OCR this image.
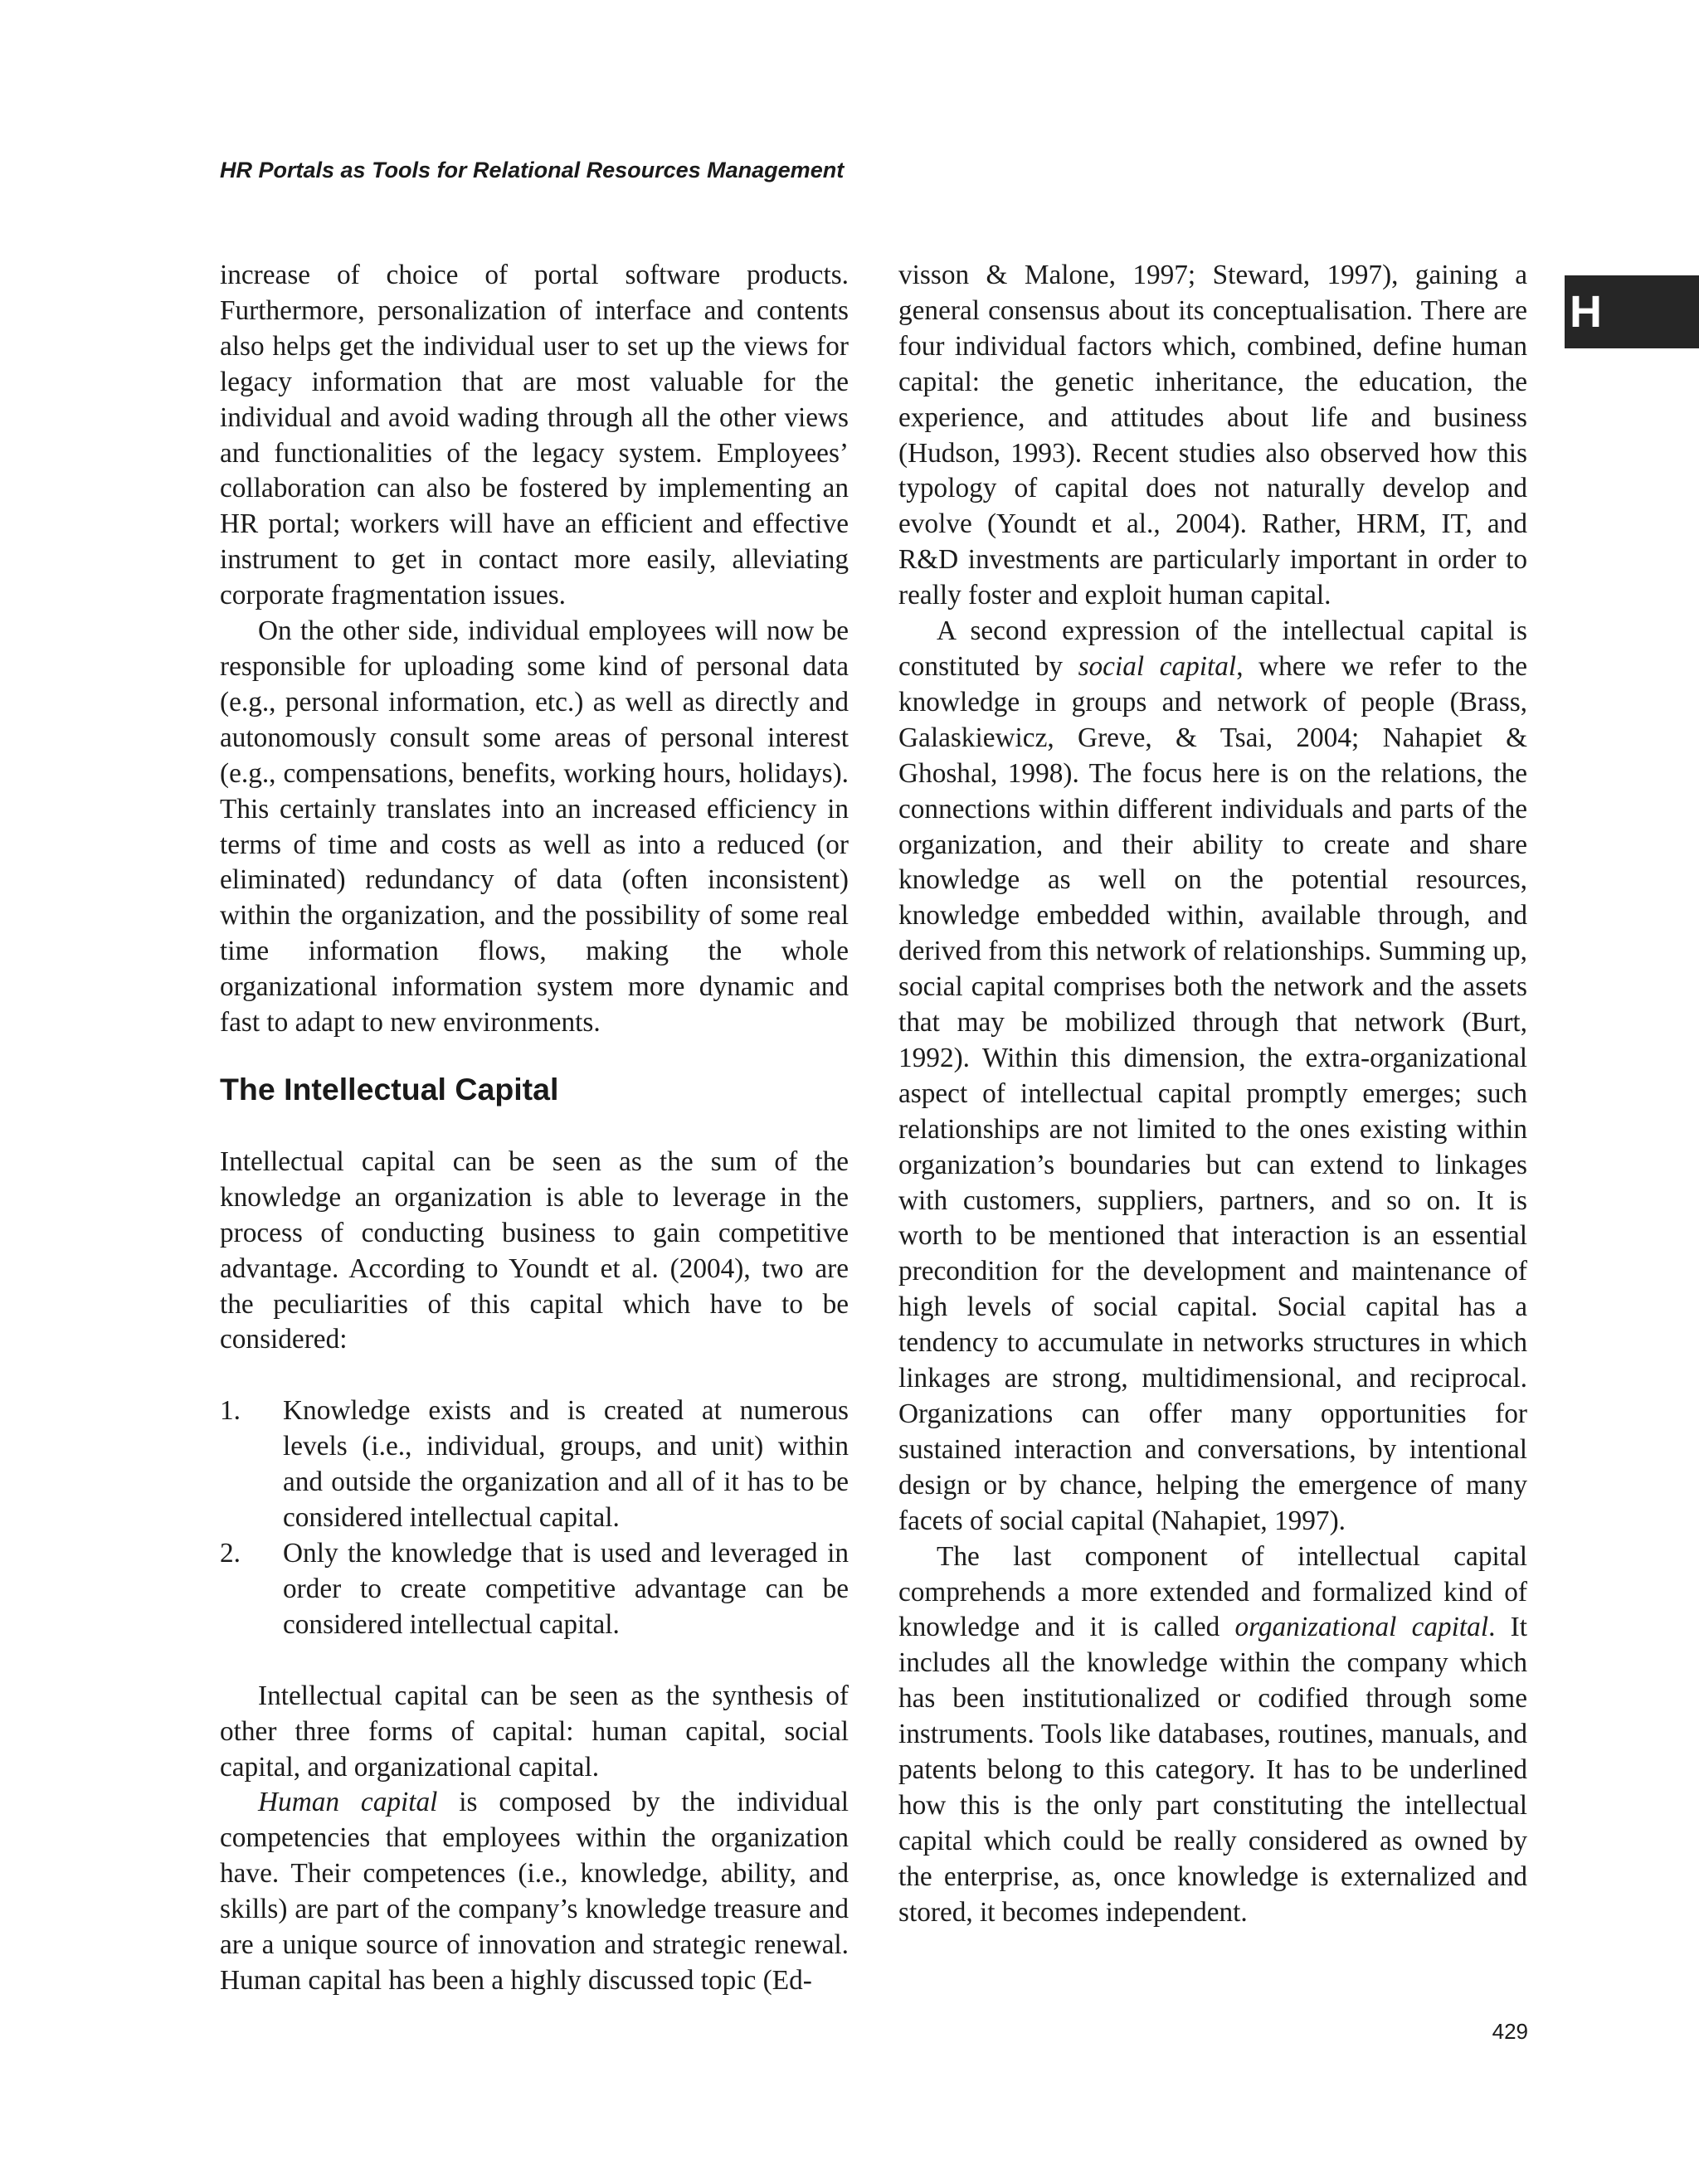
HR Portals as Tools for Relational Resources Management
H

increase of choice of portal software products. Furthermore, personalization of interface and contents also helps get the individual user to set up the views for legacy information that are most valuable for the individual and avoid wading through all the other views and functionalities of the legacy system. Employees’ collaboration can also be fostered by implementing an HR portal; workers will have an efficient and effective instrument to get in contact more easily, alleviating corporate fragmentation issues.

On the other side, individual employees will now be responsible for uploading some kind of personal data (e.g., personal information, etc.) as well as directly and autonomously consult some areas of personal interest (e.g., compensations, benefits, working hours, holidays). This certainly translates into an increased efficiency in terms of time and costs as well as into a reduced (or eliminated) redundancy of data (often inconsistent) within the organization, and the possibility of some real time information flows, making the whole organizational information system more dynamic and fast to adapt to new environments.

The Intellectual Capital

Intellectual capital can be seen as the sum of the knowledge an organization is able to leverage in the process of conducting business to gain competitive advantage. According to Youndt et al. (2004), two are the peculiarities of this capital which have to be considered:

1. Knowledge exists and is created at numerous levels (i.e., individual, groups, and unit) within and outside the organization and all of it has to be considered intellectual capital.
2. Only the knowledge that is used and leveraged in order to create competitive advantage can be considered intellectual capital.

Intellectual capital can be seen as the synthesis of other three forms of capital: human capital, social capital, and organizational capital.

Human capital is composed by the individual competencies that employees within the organization have. Their competences (i.e., knowledge, ability, and skills) are part of the company’s knowledge treasure and are a unique source of innovation and strategic renewal. Human capital has been a highly discussed topic (Ed-

visson & Malone, 1997; Steward, 1997), gaining a general consensus about its conceptualisation. There are four individual factors which, combined, define human capital: the genetic inheritance, the education, the experience, and attitudes about life and business (Hudson, 1993). Recent studies also observed how this typology of capital does not naturally develop and evolve (Youndt et al., 2004). Rather, HRM, IT, and R&D investments are particularly important in order to really foster and exploit human capital.

A second expression of the intellectual capital is constituted by social capital, where we refer to the knowledge in groups and network of people (Brass, Galaskiewicz, Greve, & Tsai, 2004; Nahapiet & Ghoshal, 1998). The focus here is on the relations, the connections within different individuals and parts of the organization, and their ability to create and share knowledge as well on the potential resources, knowledge embedded within, available through, and derived from this network of relationships. Summing up, social capital comprises both the network and the assets that may be mobilized through that network (Burt, 1992). Within this dimension, the extra-organizational aspect of intellectual capital promptly emerges; such relationships are not limited to the ones existing within organization’s boundaries but can extend to linkages with customers, suppliers, partners, and so on. It is worth to be mentioned that interaction is an essential precondition for the development and maintenance of high levels of social capital. Social capital has a tendency to accumulate in networks structures in which linkages are strong, multidimensional, and reciprocal. Organizations can offer many opportunities for sustained interaction and conversations, by intentional design or by chance, helping the emergence of many facets of social capital (Nahapiet, 1997).

The last component of intellectual capital comprehends a more extended and formalized kind of knowledge and it is called organizational capital. It includes all the knowledge within the company which has been institutionalized or codified through some instruments. Tools like databases, routines, manuals, and patents belong to this category. It has to be underlined how this is the only part constituting the intellectual capital which could be really considered as owned by the enterprise, as, once knowledge is externalized and stored, it becomes independent.

429
